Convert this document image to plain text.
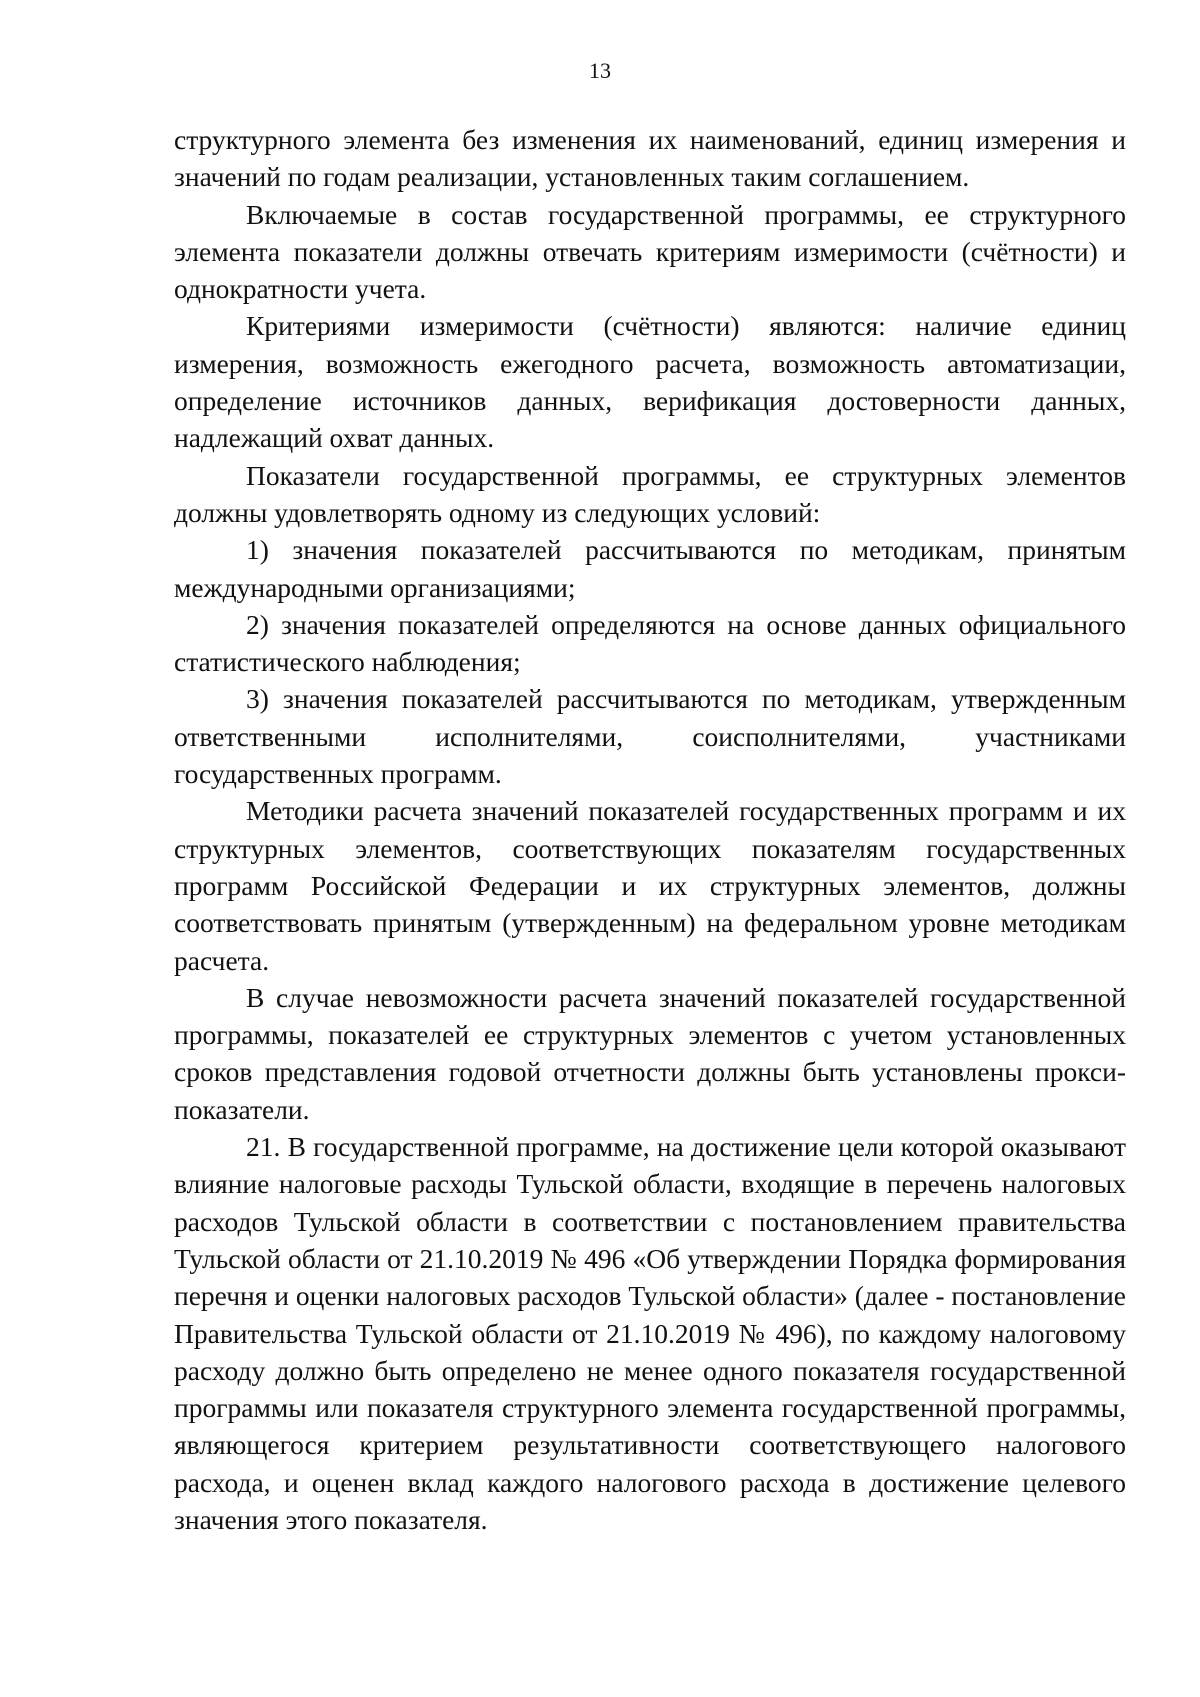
13

структурного элемента без изменения их наименований, единиц измерения и значений по годам реализации, установленных таким соглашением.

Включаемые в состав государственной программы, ее структурного элемента показатели должны отвечать критериям измеримости (счётности) и однократности учета.

Критериями измеримости (счётности) являются: наличие единиц измерения, возможность ежегодного расчета, возможность автоматизации, определение источников данных, верификация достоверности данных, надлежащий охват данных.

Показатели государственной программы, ее структурных элементов должны удовлетворять одному из следующих условий:

1) значения показателей рассчитываются по методикам, принятым международными организациями;

2) значения показателей определяются на основе данных официального статистического наблюдения;

3) значения показателей рассчитываются по методикам, утвержденным ответственными исполнителями, соисполнителями, участниками государственных программ.

Методики расчета значений показателей государственных программ и их структурных элементов, соответствующих показателям государственных программ Российской Федерации и их структурных элементов, должны соответствовать принятым (утвержденным) на федеральном уровне методикам расчета.

В случае невозможности расчета значений показателей государственной программы, показателей ее структурных элементов с учетом установленных сроков представления годовой отчетности должны быть установлены прокси-показатели.

21. В государственной программе, на достижение цели которой оказывают влияние налоговые расходы Тульской области, входящие в перечень налоговых расходов Тульской области в соответствии с постановлением правительства Тульской области от 21.10.2019 № 496 «Об утверждении Порядка формирования перечня и оценки налоговых расходов Тульской области» (далее - постановление Правительства Тульской области от 21.10.2019 № 496), по каждому налоговому расходу должно быть определено не менее одного показателя государственной программы или показателя структурного элемента государственной программы, являющегося критерием результативности соответствующего налогового расхода, и оценен вклад каждого налогового расхода в достижение целевого значения этого показателя.
